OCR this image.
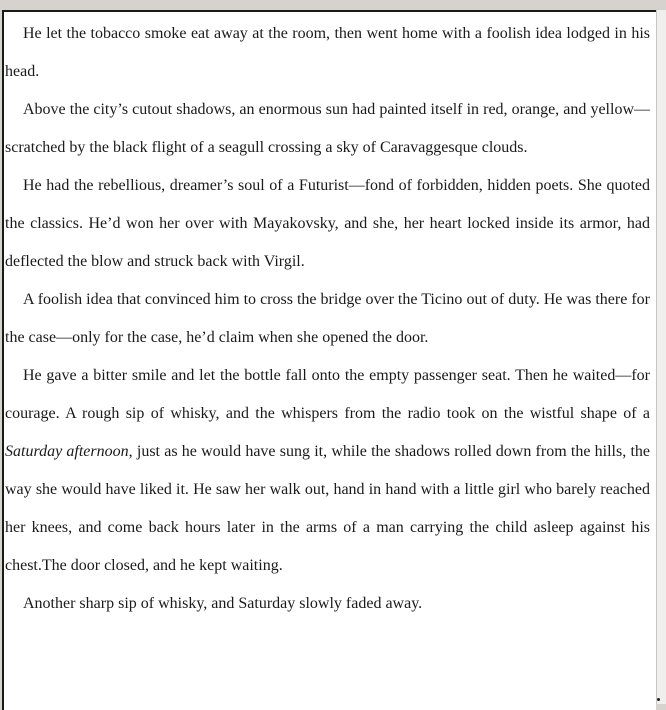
He let the tobacco smoke eat away at the room, then went home with a foolish idea lodged in his head.

Above the city’s cutout shadows, an enormous sun had painted itself in red, orange, and yellow—scratched by the black flight of a seagull crossing a sky of Caravaggesque clouds.

He had the rebellious, dreamer’s soul of a Futurist—fond of forbidden, hidden poets. She quoted the classics. He’d won her over with Mayakovsky, and she, her heart locked inside its armor, had deflected the blow and struck back with Virgil.

A foolish idea that convinced him to cross the bridge over the Ticino out of duty. He was there for the case—only for the case, he’d claim when she opened the door.

He gave a bitter smile and let the bottle fall onto the empty passenger seat. Then he waited—for courage. A rough sip of whisky, and the whispers from the radio took on the wistful shape of a Saturday afternoon, just as he would have sung it, while the shadows rolled down from the hills, the way she would have liked it. He saw her walk out, hand in hand with a little girl who barely reached her knees, and come back hours later in the arms of a man carrying the child asleep against his chest.The door closed, and he kept waiting.

Another sharp sip of whisky, and Saturday slowly faded away.
